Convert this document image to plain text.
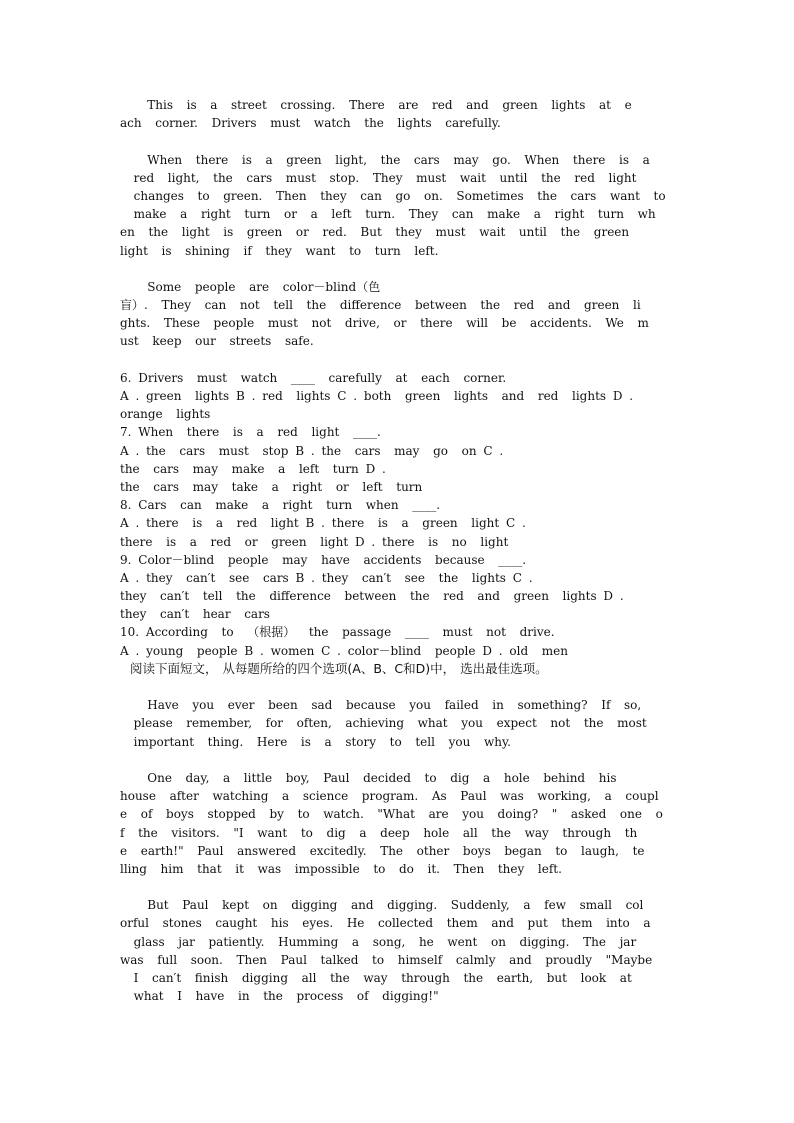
This  is  a  street  crossing.  There  are  red  and  green  lights  at  e
ach  corner.  Drivers  must  watch  the  lights  carefully.
When  there  is  a  green  light,  the  cars  may  go.  When  there  is  a
red  light,  the  cars  must  stop.  They  must  wait  until  the  red  light
changes  to  green.  Then  they  can  go  on.  Sometimes  the  cars  want  to
make  a  right  turn  or  a  left  turn.  They  can  make  a  right  turn  wh
en  the  light  is  green  or  red.  But  they  must  wait  until  the  green
light  is  shining  if  they  want  to  turn  left.
Some  people  are  color－blind（色
盲）.  They  can  not  tell  the  difference  between  the  red  and  green  li
ghts.  These  people  must  not  drive,  or  there  will  be  accidents.  We  m
ust  keep  our  streets  safe.
6. Drivers  must  watch  ____  carefully  at  each  corner.
A . green  lights B . red  lights C . both  green  lights  and  red  lights D .
orange  lights
7. When  there  is  a  red  light  ____.
A . the  cars  must  stop B . the  cars  may  go  on C .
the  cars  may  make  a  left  turn D .
the  cars  may  take  a  right  or  left  turn
8. Cars  can  make  a  right  turn  when  ____.
A . there  is  a  red  light B . there  is  a  green  light C .
there  is  a  red  or  green  light D . there  is  no  light
9. Color－blind  people  may  have  accidents  because  ____.
A . they  can′t  see  cars B . they  can′t  see  the  lights C .
they  can′t  tell  the  difference  between  the  red  and  green  lights D .
they  can′t  hear  cars
10. According  to  （根据）  the  passage  ____  must  not  drive.
A . young  people B . women C . color－blind  people D . old  men
阅读下面短文， 从每题所给的四个选项(A、B、C和D)中， 选出最佳选项。
Have  you  ever  been  sad  because  you  failed  in  something?  If  so,
please  remember,  for  often,  achieving  what  you  expect  not  the  most
important  thing.  Here  is  a  story  to  tell  you  why.
One  day,  a  little  boy,  Paul  decided  to  dig  a  hole  behind  his
house  after  watching  a  science  program.  As  Paul  was  working,  a  coupl
e  of  boys  stopped  by  to  watch.  "What  are  you  doing?  "  asked  one  o
f  the  visitors.  "I  want  to  dig  a  deep  hole  all  the  way  through  th
e  earth!"  Paul  answered  excitedly.  The  other  boys  began  to  laugh,  te
lling  him  that  it  was  impossible  to  do  it.  Then  they  left.
But  Paul  kept  on  digging  and  digging.  Suddenly,  a  few  small  col
orful  stones  caught  his  eyes.  He  collected  them  and  put  them  into  a
glass  jar  patiently.  Humming  a  song,  he  went  on  digging.  The  jar
was  full  soon.  Then  Paul  talked  to  himself  calmly  and  proudly  "Maybe
I  can′t  finish  digging  all  the  way  through  the  earth,  but  look  at
what  I  have  in  the  process  of  digging!"
